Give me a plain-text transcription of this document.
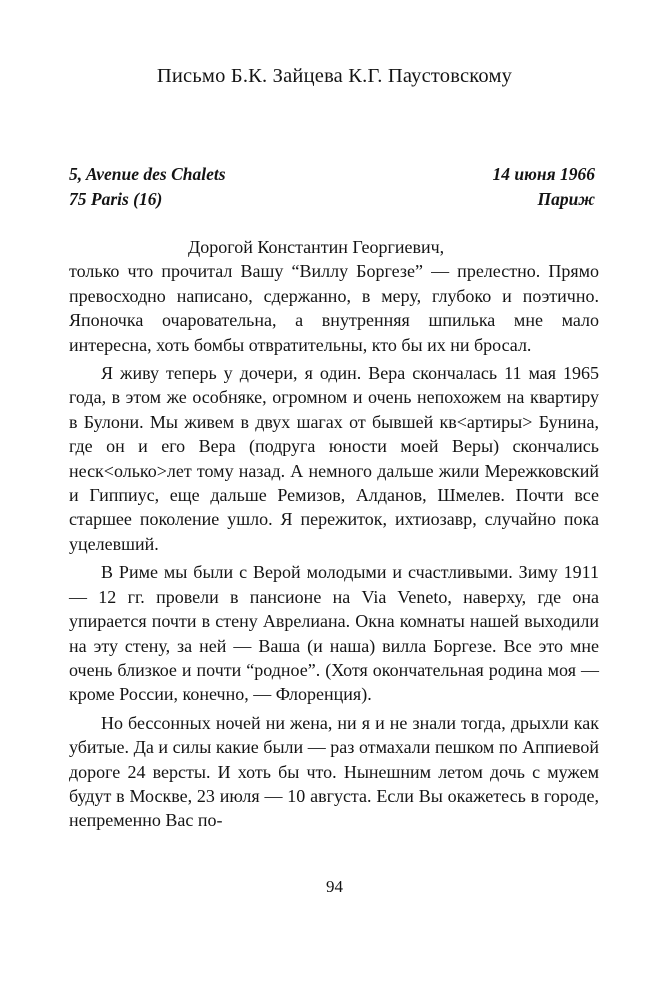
Письмо Б.К. Зайцева К.Г. Паустовскому
5, Avenue des Chalets	14 июня 1966
75 Paris (16)	Париж
Дорогой Константин Георгиевич,

только что прочитал Вашу “Виллу Боргезе” — прелестно. Прямо превосходно написано, сдержанно, в меру, глубоко и поэтично. Японочка очаровательна, а внутренняя шпилька мне мало интересна, хоть бомбы отвратительны, кто бы их ни бросал.

Я живу теперь у дочери, я один. Вера скончалась 11 мая 1965 года, в этом же особняке, огромном и очень непохожем на квартиру в Булони. Мы живем в двух шагах от бывшей кв<артиры> Бунина, где он и его Вера (подруга юности моей Веры) скончались неск<олько>лет тому назад. А немного дальше жили Мережковский и Гиппиус, еще дальше Ремизов, Алданов, Шмелев. Почти все старшее поколение ушло. Я пережиток, ихтиозавр, случайно пока уцелевший.

В Риме мы были с Верой молодыми и счастливыми. Зиму 1911 — 12 гг. провели в пансионе на Via Veneto, наверху, где она упирается почти в стену Аврелиана. Окна комнаты нашей выходили на эту стену, за ней — Ваша (и наша) вилла Боргезе. Все это мне очень близкое и почти “родное”. (Хотя окончательная родина моя — кроме России, конечно, — Флоренция).

Но бессонных ночей ни жена, ни я и не знали тогда, дрыхли как убитые. Да и силы какие были — раз отмахали пешком по Аппиевой дороге 24 версты. И хоть бы что. Нынешним летом дочь с мужем будут в Москве, 23 июля — 10 августа. Если Вы окажетесь в городе, непременно Вас по-

94
